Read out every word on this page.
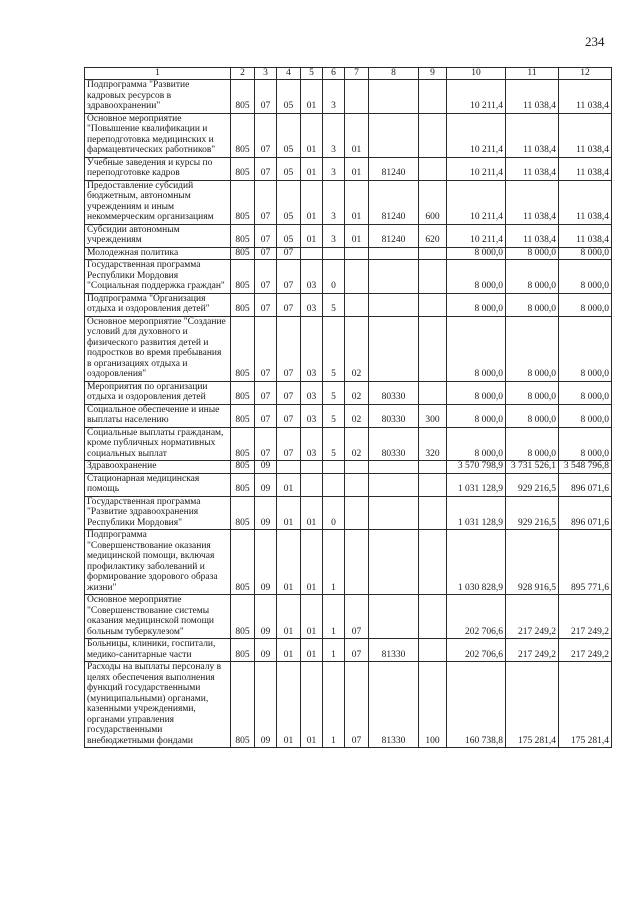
234
1	2	3	4	5	6	7	8	9	10	11	12
Подпрограмма "Развитие кадровых ресурсов в здравоохранении"	805	07	05	01	3				10 211,4	11 038,4	11 038,4
Основное мероприятие "Повышение квалификации и переподготовка медицинских и фармацевтических работников"	805	07	05	01	3	01			10 211,4	11 038,4	11 038,4
Учебные заведения и курсы по переподготовке кадров	805	07	05	01	3	01	81240		10 211,4	11 038,4	11 038,4
Предоставление субсидий бюджетным, автономным учреждениям и иным некоммерческим организациям	805	07	05	01	3	01	81240	600	10 211,4	11 038,4	11 038,4
Субсидии автономным учреждениям	805	07	05	01	3	01	81240	620	10 211,4	11 038,4	11 038,4
Молодежная политика	805	07	07						8 000,0	8 000,0	8 000,0
Государственная программа Республики Мордовия "Социальная поддержка граждан"	805	07	07	03	0				8 000,0	8 000,0	8 000,0
Подпрограмма "Организация отдыха и оздоровления детей"	805	07	07	03	5				8 000,0	8 000,0	8 000,0
Основное мероприятие "Создание условий для духовного и физического развития детей и подростков во время пребывания в организациях отдыха и оздоровления"	805	07	07	03	5	02			8 000,0	8 000,0	8 000,0
Мероприятия по организации отдыха и оздоровления детей	805	07	07	03	5	02	80330		8 000,0	8 000,0	8 000,0
Социальное обеспечение и иные выплаты населению	805	07	07	03	5	02	80330	300	8 000,0	8 000,0	8 000,0
Социальные выплаты гражданам, кроме публичных нормативных социальных выплат	805	07	07	03	5	02	80330	320	8 000,0	8 000,0	8 000,0
Здравоохранение	805	09							3 570 798,9	3 731 526,1	3 548 796,8
Стационарная медицинская помощь	805	09	01						1 031 128,9	929 216,5	896 071,6
Государственная программа "Развитие здравоохранения Республики Мордовия"	805	09	01	01	0				1 031 128,9	929 216,5	896 071,6
Подпрограмма "Совершенствование оказания медицинской помощи, включая профилактику заболеваний и формирование здорового образа жизни"	805	09	01	01	1				1 030 828,9	928 916,5	895 771,6
Основное мероприятие "Совершенствование системы оказания медицинской помощи больным туберкулезом"	805	09	01	01	1	07			202 706,6	217 249,2	217 249,2
Больницы, клиники, госпитали, медико-санитарные части	805	09	01	01	1	07	81330		202 706,6	217 249,2	217 249,2
Расходы на выплаты персоналу в целях обеспечения выполнения функций государственными (муниципальными) органами, казенными учреждениями, органами управления государственными внебюджетными фондами	805	09	01	01	1	07	81330	100	160 738,8	175 281,4	175 281,4
